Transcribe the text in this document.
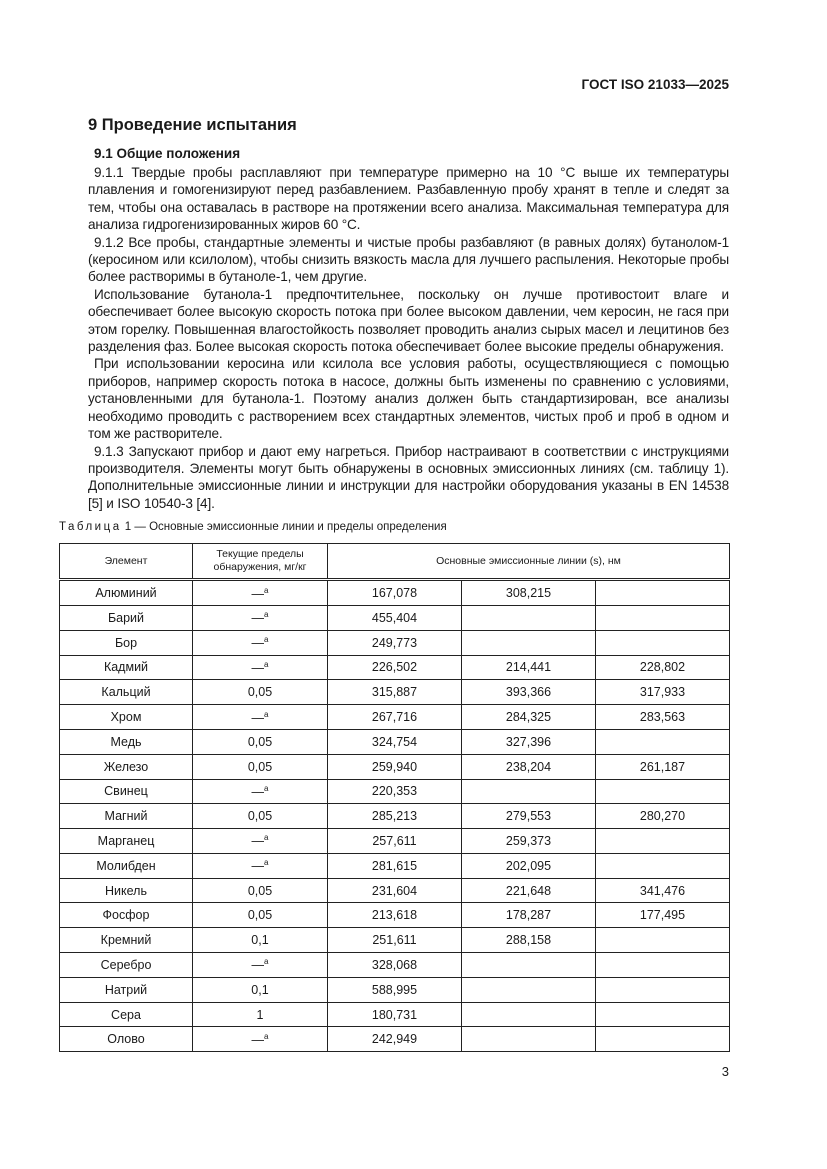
ГОСТ ISO 21033—2025
9 Проведение испытания
9.1 Общие положения

9.1.1 Твердые пробы расплавляют при температуре примерно на 10 °C выше их температуры плавления и гомогенизируют перед разбавлением. Разбавленную пробу хранят в тепле и следят за тем, чтобы она оставалась в растворе на протяжении всего анализа. Максимальная температура для анализа гидрогенизированных жиров 60 °C.

9.1.2 Все пробы, стандартные элементы и чистые пробы разбавляют (в равных долях) бутанолом-1 (керосином или ксилолом), чтобы снизить вязкость масла для лучшего распыления. Некоторые пробы более растворимы в бутаноле-1, чем другие.

Использование бутанола-1 предпочтительнее, поскольку он лучше противостоит влаге и обеспечивает более высокую скорость потока при более высоком давлении, чем керосин, не гася при этом горелку. Повышенная влагостойкость позволяет проводить анализ сырых масел и лецитинов без разделения фаз. Более высокая скорость потока обеспечивает более высокие пределы обнаружения.

При использовании керосина или ксилола все условия работы, осуществляющиеся с помощью приборов, например скорость потока в насосе, должны быть изменены по сравнению с условиями, установленными для бутанола-1. Поэтому анализ должен быть стандартизирован, все анализы необходимо проводить с растворением всех стандартных элементов, чистых проб и проб в одном и том же растворителе.

9.1.3 Запускают прибор и дают ему нагреться. Прибор настраивают в соответствии с инструкциями производителя. Элементы могут быть обнаружены в основных эмиссионных линиях (см. таблицу 1). Дополнительные эмиссионные линии и инструкции для настройки оборудования указаны в EN 14538 [5] и ISO 10540-3 [4].

Таблица 1 — Основные эмиссионные линии и пределы определения
Элемент	Текущие пределы обнаружения, мг/кг	Основные эмиссионные линии (s), нм		
Алюминий	—$^a$	167,078	308,215	
Барий	—$^a$	455,404		
Бор	—$^a$	249,773		
Кадмий	—$^a$	226,502	214,441	228,802
Кальций	0,05	315,887	393,366	317,933
Хром	—$^a$	267,716	284,325	283,563
Медь	0,05	324,754	327,396	
Железо	0,05	259,940	238,204	261,187
Свинец	—$^a$	220,353		
Магний	0,05	285,213	279,553	280,270
Марганец	—$^a$	257,611	259,373	
Молибден	—$^a$	281,615	202,095	
Никель	0,05	231,604	221,648	341,476
Фосфор	0,05	213,618	178,287	177,495
Кремний	0,1	251,611	288,158	
Серебро	—$^a$	328,068		
Натрий	0,1	588,995		
Сера	1	180,731		
Олово	—$^a$	242,949		
3
